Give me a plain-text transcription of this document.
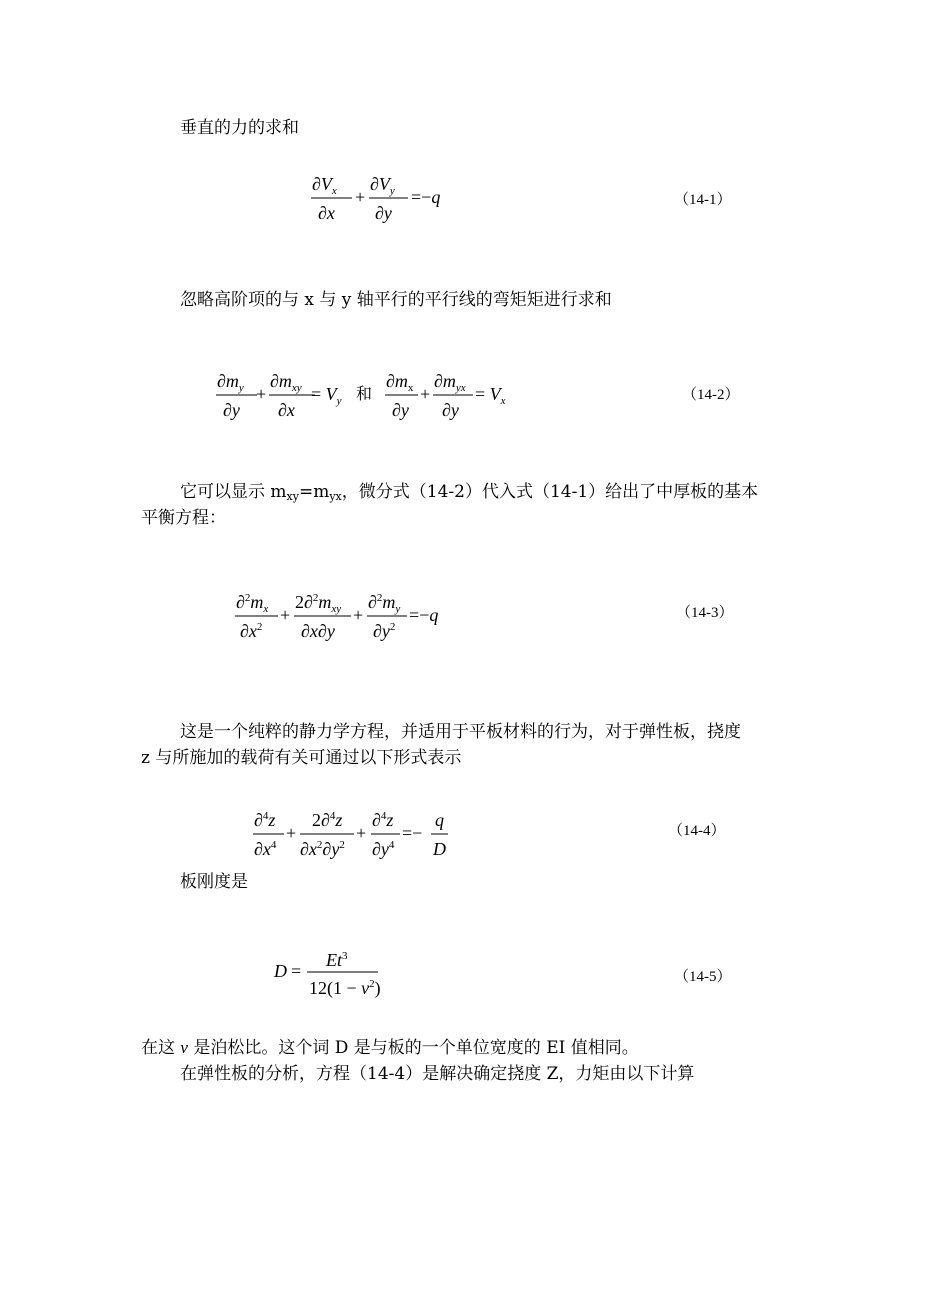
垂直的力的求和
$\partial V_x$
∂x
+
$\partial V_y$
∂y
=−q	（14-1）
忽略高阶项的与 x 与 y 轴平行的平行线的弯矩矩进行求和
$\partial m_y$
∂y
+
$\partial m_{xy}$
∂x
= $V_y$ 和
$\partial m_x$
∂y
+
$\partial m_{yx}$
∂y
= $V_x$	（14-2）
它可以显示 $m_{xy}=m_{yx}$，微分式（14-2）代入式（14-1）给出了中厚板的基本
平衡方程：
$\partial^2m_x$
$\partial x^2$
+
$2\partial^2m_{xy}$
∂x∂y
+
$\partial^2m_y$
$\partial y^2$
=−q	（14-3）
这是一个纯粹的静力学方程，并适用于平板材料的行为，对于弹性板，挠度
z 与所施加的载荷有关可通过以下形式表示
∂$^4$z
$\partial x^4$
+
2∂$^4$z
$\partial x^2\partial y^2$
+
∂$^4$z
$\partial y^4$
=−
q
D
（14-4）
板刚度是
D =
$Et^3$
$12(1 - v^2)$
（14-5）
在这 v 是泊松比。这个词 D 是与板的一个单位宽度的 EI 值相同。
在弹性板的分析，方程（14-4）是解决确定挠度 Z，力矩由以下计算
